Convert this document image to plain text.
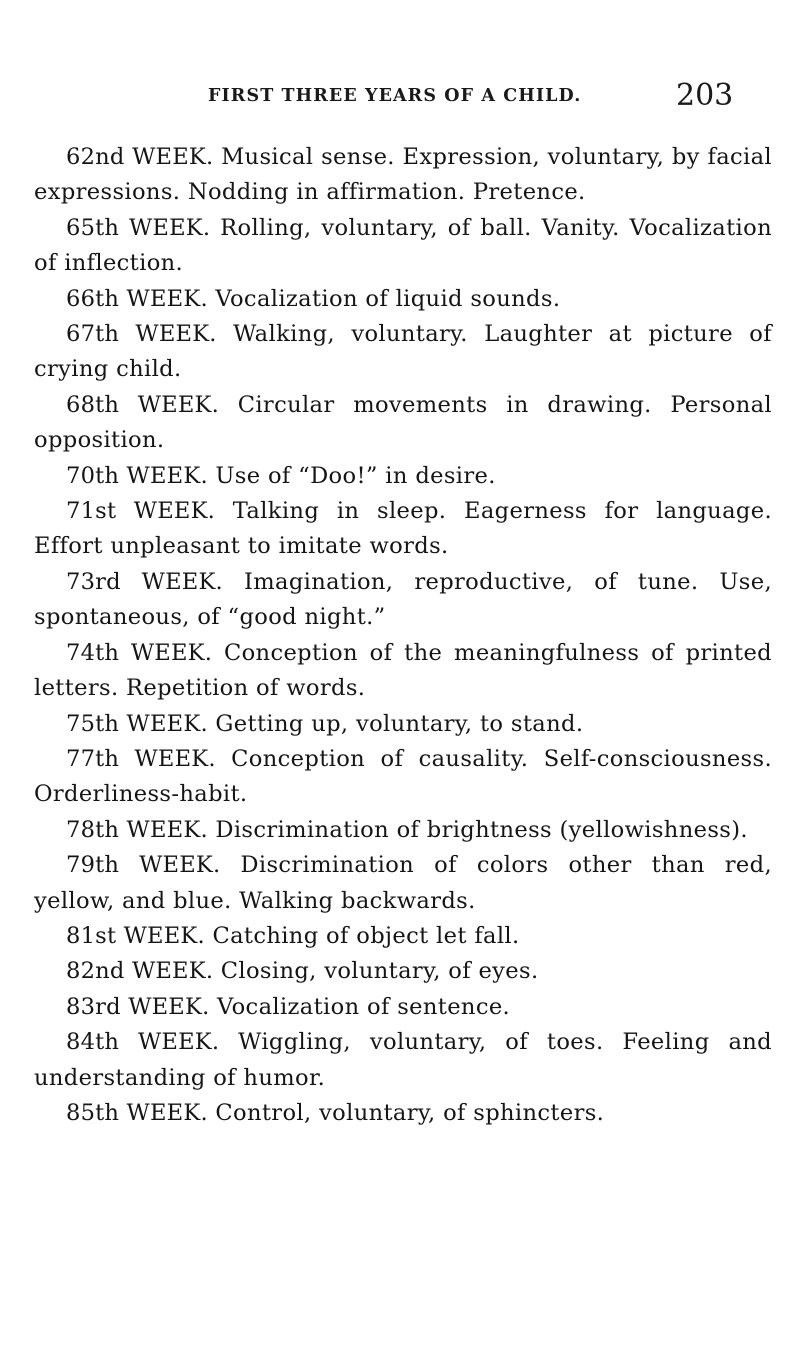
FIRST THREE YEARS OF A CHILD.	203

62nd WEEK. Musical sense. Expression, voluntary, by facial expressions. Nodding in affirmation. Pretence.

65th WEEK. Rolling, voluntary, of ball. Vanity. Vocalization of inflection.

66th WEEK. Vocalization of liquid sounds.

67th WEEK. Walking, voluntary. Laughter at picture of crying child.

68th WEEK. Circular movements in drawing. Personal opposition.

70th WEEK. Use of “Doo!” in desire.

71st WEEK. Talking in sleep. Eagerness for language. Effort unpleasant to imitate words.

73rd WEEK. Imagination, reproductive, of tune. Use, spontaneous, of “good night.”

74th WEEK. Conception of the meaningfulness of printed letters. Repetition of words.

75th WEEK. Getting up, voluntary, to stand.

77th WEEK. Conception of causality. Self-consciousness. Orderliness-habit.

78th WEEK. Discrimination of brightness (yellowishness).

79th WEEK. Discrimination of colors other than red, yellow, and blue. Walking backwards.

81st WEEK. Catching of object let fall.

82nd WEEK. Closing, voluntary, of eyes.

83rd WEEK. Vocalization of sentence.

84th WEEK. Wiggling, voluntary, of toes. Feeling and understanding of humor.

85th WEEK. Control, voluntary, of sphincters.
